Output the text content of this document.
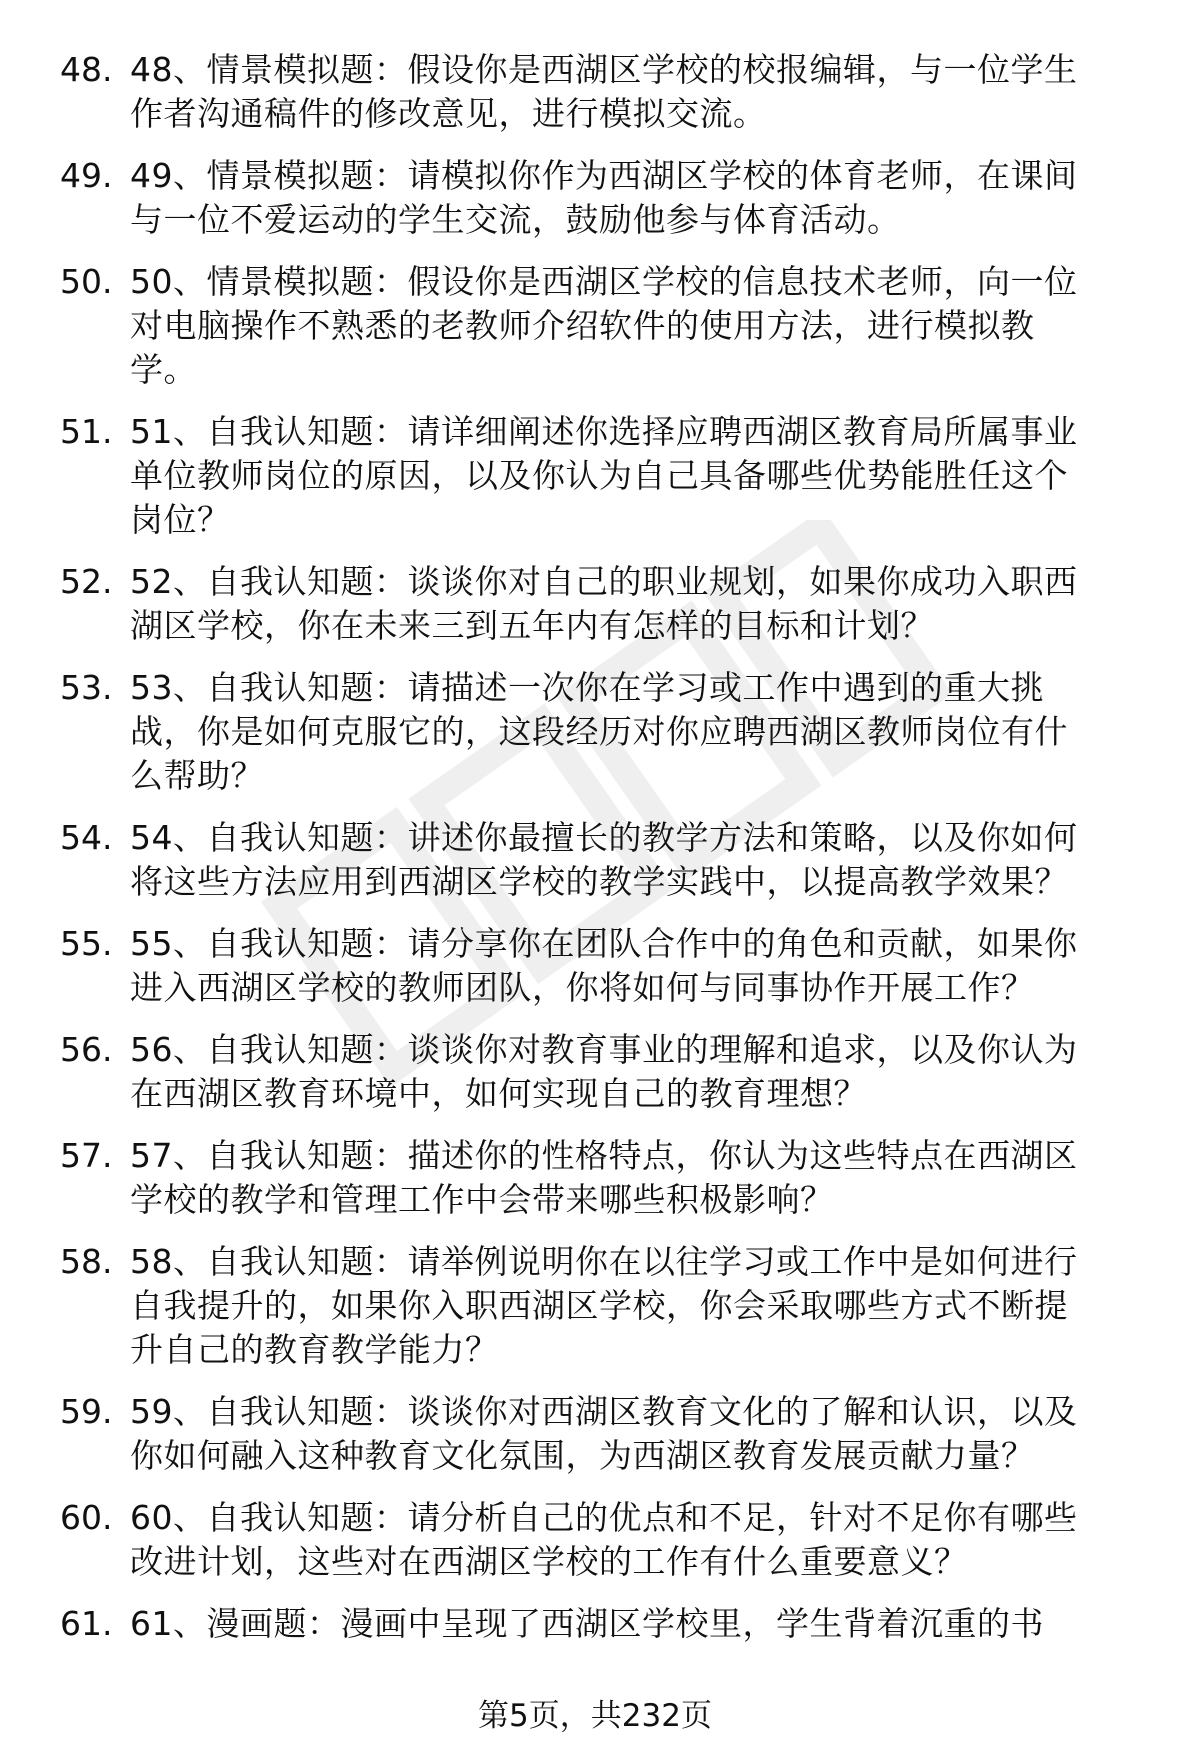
48. 48、情景模拟题：假设你是西湖区学校的校报编辑，与一位学生
作者沟通稿件的修改意见，进行模拟交流。
49. 49、情景模拟题：请模拟你作为西湖区学校的体育老师，在课间
与一位不爱运动的学生交流，鼓励他参与体育活动。
50. 50、情景模拟题：假设你是西湖区学校的信息技术老师，向一位
对电脑操作不熟悉的老教师介绍软件的使用方法，进行模拟教
学。
51. 51、自我认知题：请详细阐述你选择应聘西湖区教育局所属事业
单位教师岗位的原因，以及你认为自己具备哪些优势能胜任这个
岗位？
52. 52、自我认知题：谈谈你对自己的职业规划，如果你成功入职西
湖区学校，你在未来三到五年内有怎样的目标和计划？
53. 53、自我认知题：请描述一次你在学习或工作中遇到的重大挑
战，你是如何克服它的，这段经历对你应聘西湖区教师岗位有什
么帮助？
54. 54、自我认知题：讲述你最擅长的教学方法和策略，以及你如何
将这些方法应用到西湖区学校的教学实践中，以提高教学效果？
55. 55、自我认知题：请分享你在团队合作中的角色和贡献，如果你
进入西湖区学校的教师团队，你将如何与同事协作开展工作？
56. 56、自我认知题：谈谈你对教育事业的理解和追求，以及你认为
在西湖区教育环境中，如何实现自己的教育理想？
57. 57、自我认知题：描述你的性格特点，你认为这些特点在西湖区
学校的教学和管理工作中会带来哪些积极影响？
58. 58、自我认知题：请举例说明你在以往学习或工作中是如何进行
自我提升的，如果你入职西湖区学校，你会采取哪些方式不断提
升自己的教育教学能力？
59. 59、自我认知题：谈谈你对西湖区教育文化的了解和认识，以及
你如何融入这种教育文化氛围，为西湖区教育发展贡献力量？
60. 60、自我认知题：请分析自己的优点和不足，针对不足你有哪些
改进计划，这些对在西湖区学校的工作有什么重要意义？
61. 61、漫画题：漫画中呈现了西湖区学校里，学生背着沉重的书
第5页，共232页
